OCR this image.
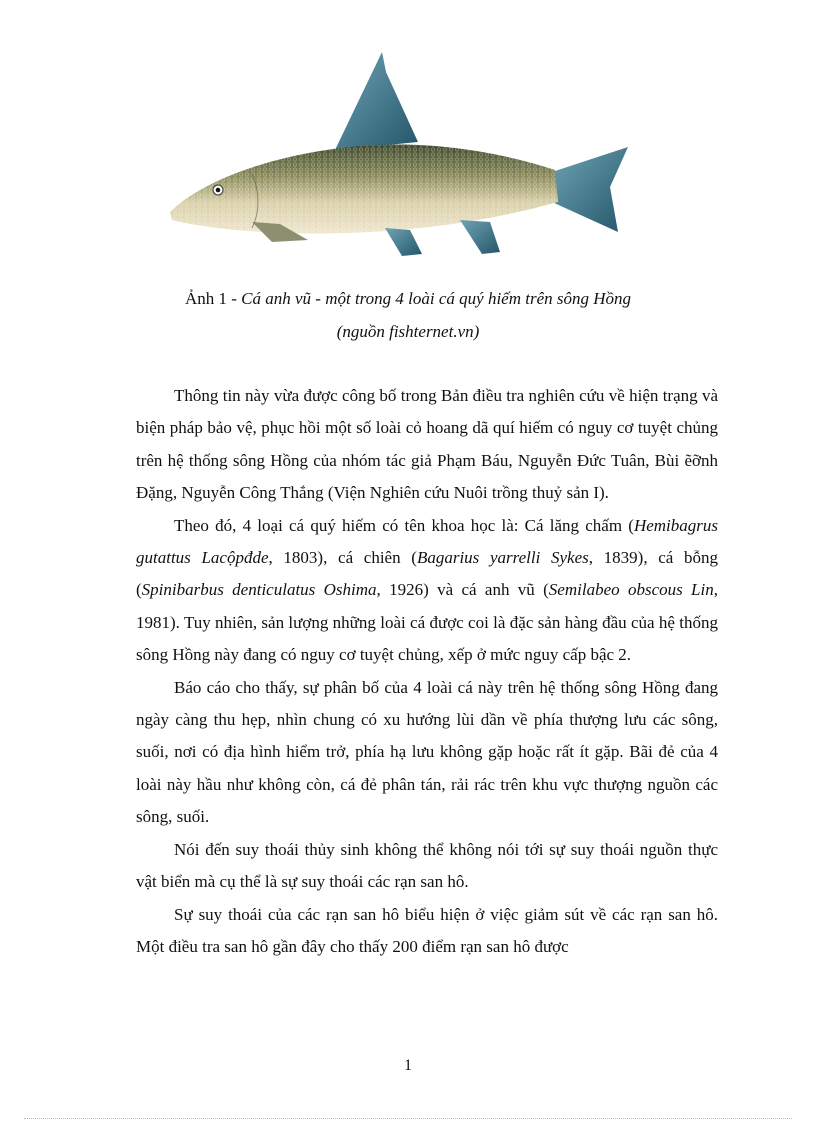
Ảnh 1 - Cá anh vũ - một trong 4 loài cá quý hiếm trên sông Hồng
(nguồn fishternet.vn)

Thông tin này vừa được công bố trong Bản điều tra nghiên cứu về hiện trạng và biện pháp bảo vệ, phục hồi một số loài cỏ hoang dã quí hiếm có nguy cơ tuyệt chủng trên hệ thống sông Hồng của nhóm tác giả Phạm Báu, Nguyễn Đức Tuân, Bùi ẽỡnh Đặng, Nguyễn Công Thắng (Viện Nghiên cứu Nuôi trồng thuỷ sản I).

Theo đó, 4 loại cá quý hiếm có tên khoa học là: Cá lăng chấm (Hemibagrus gutattus Lacộpđde, 1803), cá chiên (Bagarius yarrelli Sykes, 1839), cá bỗng (Spinibarbus denticulatus Oshima, 1926) và cá anh vũ (Semilabeo obscous Lin, 1981). Tuy nhiên, sản lượng những loài cá được coi là đặc sản hàng đầu của hệ thống sông Hồng này đang có nguy cơ tuyệt chủng, xếp ở mức nguy cấp bậc 2.

Báo cáo cho thấy, sự phân bố của 4 loài cá này trên hệ thống sông Hồng đang ngày càng thu hẹp, nhìn chung có xu hướng lùi dần về phía thượng lưu các sông, suối, nơi có địa hình hiểm trở, phía hạ lưu không gặp hoặc rất ít gặp. Bãi đẻ của 4 loài này hầu như không còn, cá đẻ phân tán, rải rác trên khu vực thượng nguồn các sông, suối.

Nói đến suy thoái thủy sinh không thể không nói tới sự suy thoái nguồn thực vật biển mà cụ thể là sự suy thoái các rạn san hô.

Sự suy thoái của các rạn san hô biểu hiện ở việc giảm sút về các rạn san hô. Một điều tra san hô gần đây cho thấy 200 điểm rạn san hô được

1
